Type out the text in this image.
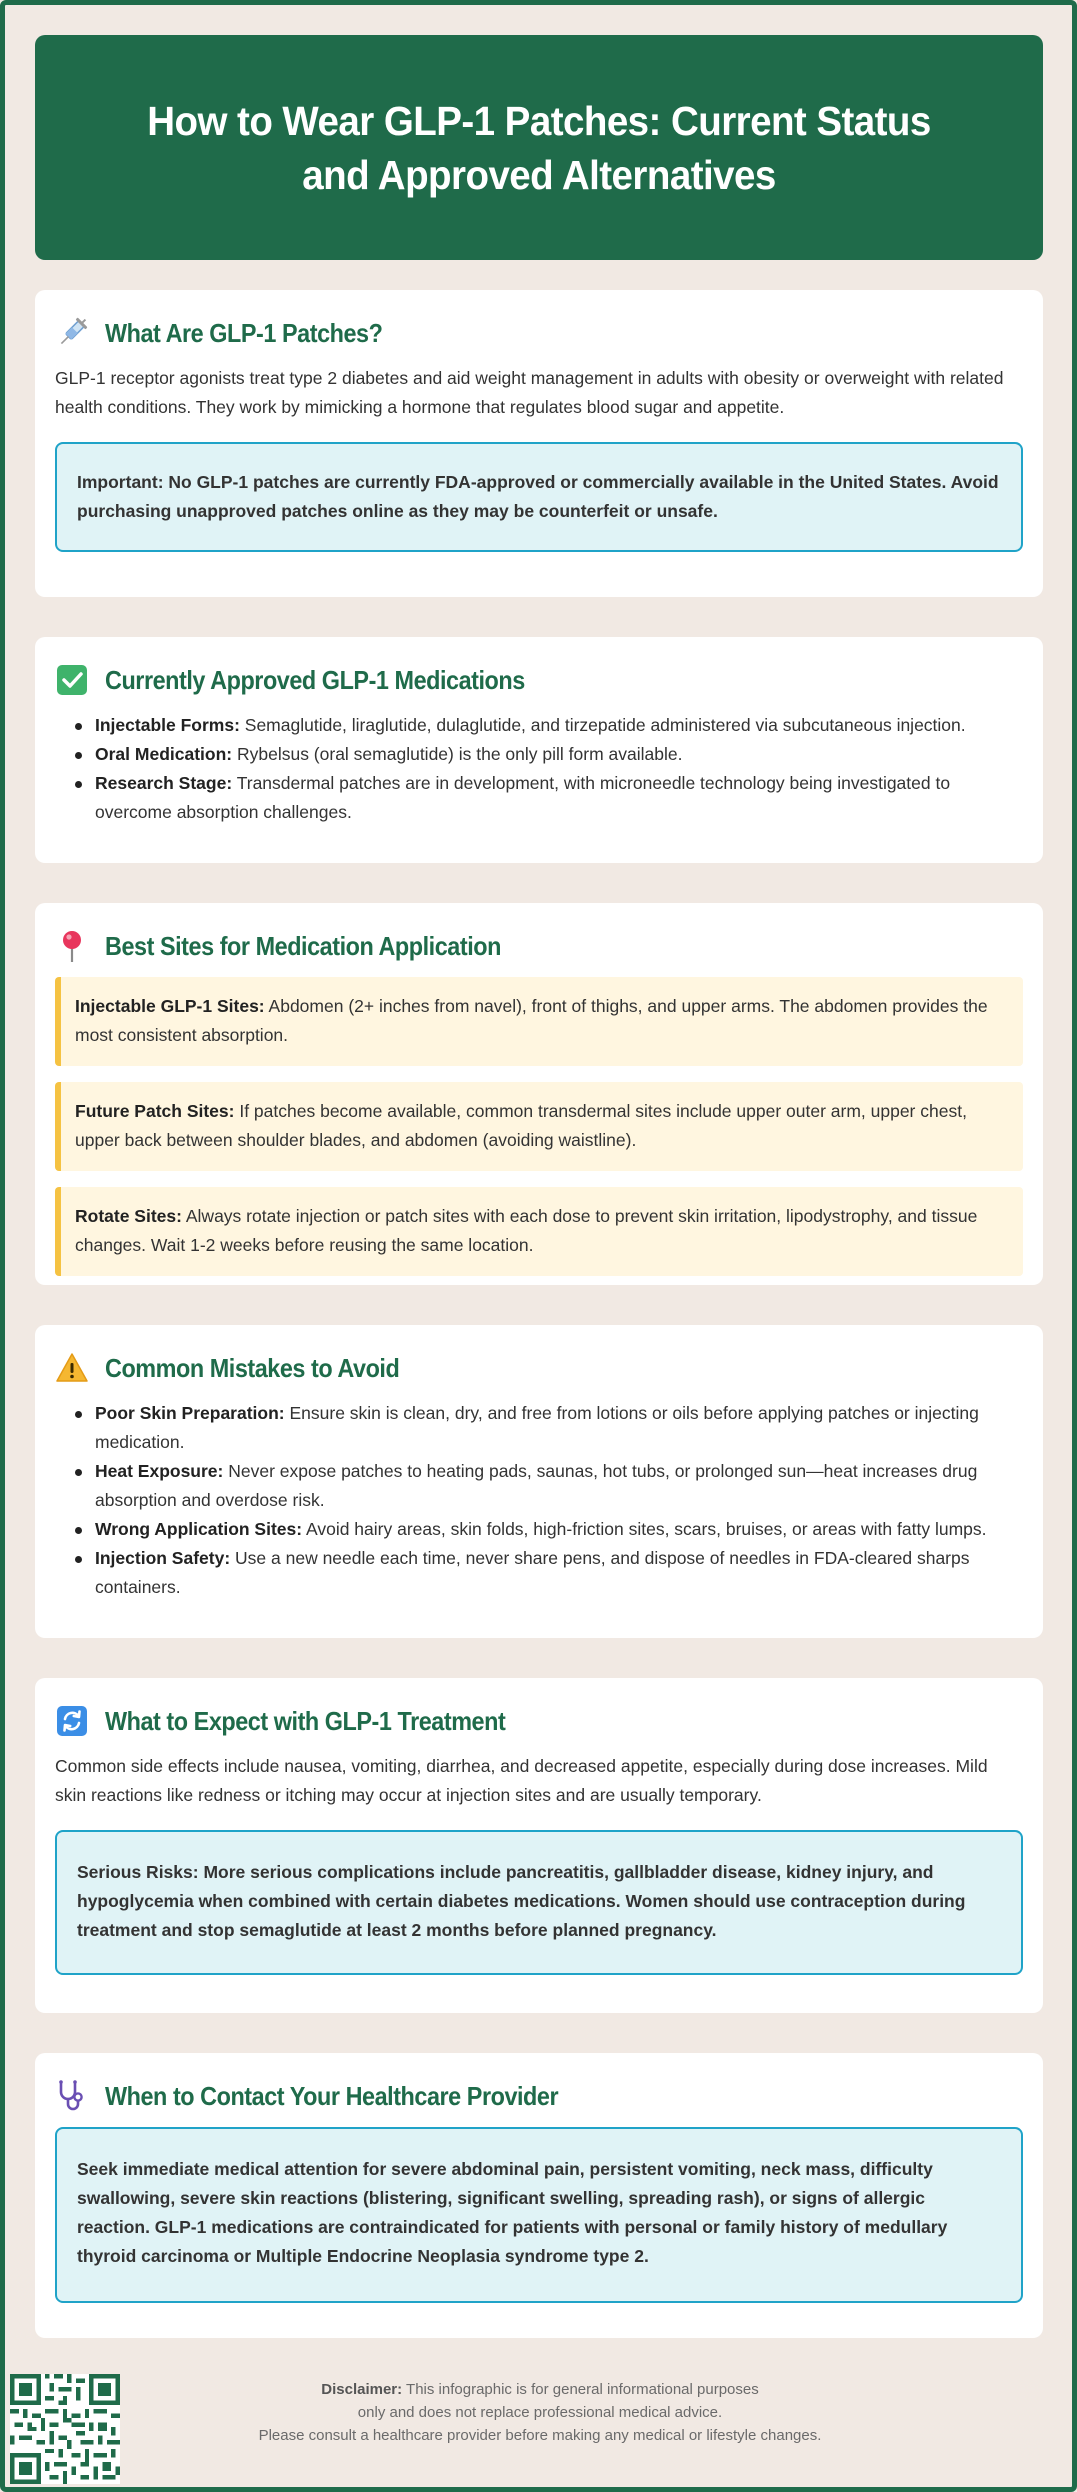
How to Wear GLP-1 Patches: Current Status and Approved Alternatives
What Are GLP-1 Patches?

GLP-1 receptor agonists treat type 2 diabetes and aid weight management in adults with obesity or overweight with related health conditions. They work by mimicking a hormone that regulates blood sugar and appetite.

Important: No GLP-1 patches are currently FDA-approved or commercially available in the United States. Avoid purchasing unapproved patches online as they may be counterfeit or unsafe.
Currently Approved GLP-1 Medications
Injectable Forms: Semaglutide, liraglutide, dulaglutide, and tirzepatide administered via subcutaneous injection.
Oral Medication: Rybelsus (oral semaglutide) is the only pill form available.
Research Stage: Transdermal patches are in development, with microneedle technology being investigated to overcome absorption challenges.
Best Sites for Medication Application
Injectable GLP-1 Sites: Abdomen (2+ inches from navel), front of thighs, and upper arms. The abdomen provides the most consistent absorption.
Future Patch Sites: If patches become available, common transdermal sites include upper outer arm, upper chest, upper back between shoulder blades, and abdomen (avoiding waistline).
Rotate Sites: Always rotate injection or patch sites with each dose to prevent skin irritation, lipodystrophy, and tissue changes. Wait 1-2 weeks before reusing the same location.
Common Mistakes to Avoid
Poor Skin Preparation: Ensure skin is clean, dry, and free from lotions or oils before applying patches or injecting medication.
Heat Exposure: Never expose patches to heating pads, saunas, hot tubs, or prolonged sun—heat increases drug absorption and overdose risk.
Wrong Application Sites: Avoid hairy areas, skin folds, high-friction sites, scars, bruises, or areas with fatty lumps.
Injection Safety: Use a new needle each time, never share pens, and dispose of needles in FDA-cleared sharps containers.
What to Expect with GLP-1 Treatment

Common side effects include nausea, vomiting, diarrhea, and decreased appetite, especially during dose increases. Mild skin reactions like redness or itching may occur at injection sites and are usually temporary.

Serious Risks: More serious complications include pancreatitis, gallbladder disease, kidney injury, and hypoglycemia when combined with certain diabetes medications. Women should use contraception during treatment and stop semaglutide at least 2 months before planned pregnancy.
When to Contact Your Healthcare Provider
Seek immediate medical attention for severe abdominal pain, persistent vomiting, neck mass, difficulty swallowing, severe skin reactions (blistering, significant swelling, spreading rash), or signs of allergic reaction. GLP-1 medications are contraindicated for patients with personal or family history of medullary thyroid carcinoma or Multiple Endocrine Neoplasia syndrome type 2.
Disclaimer: This infographic is for general informational purposes
only and does not replace professional medical advice.
Please consult a healthcare provider before making any medical or lifestyle changes.
